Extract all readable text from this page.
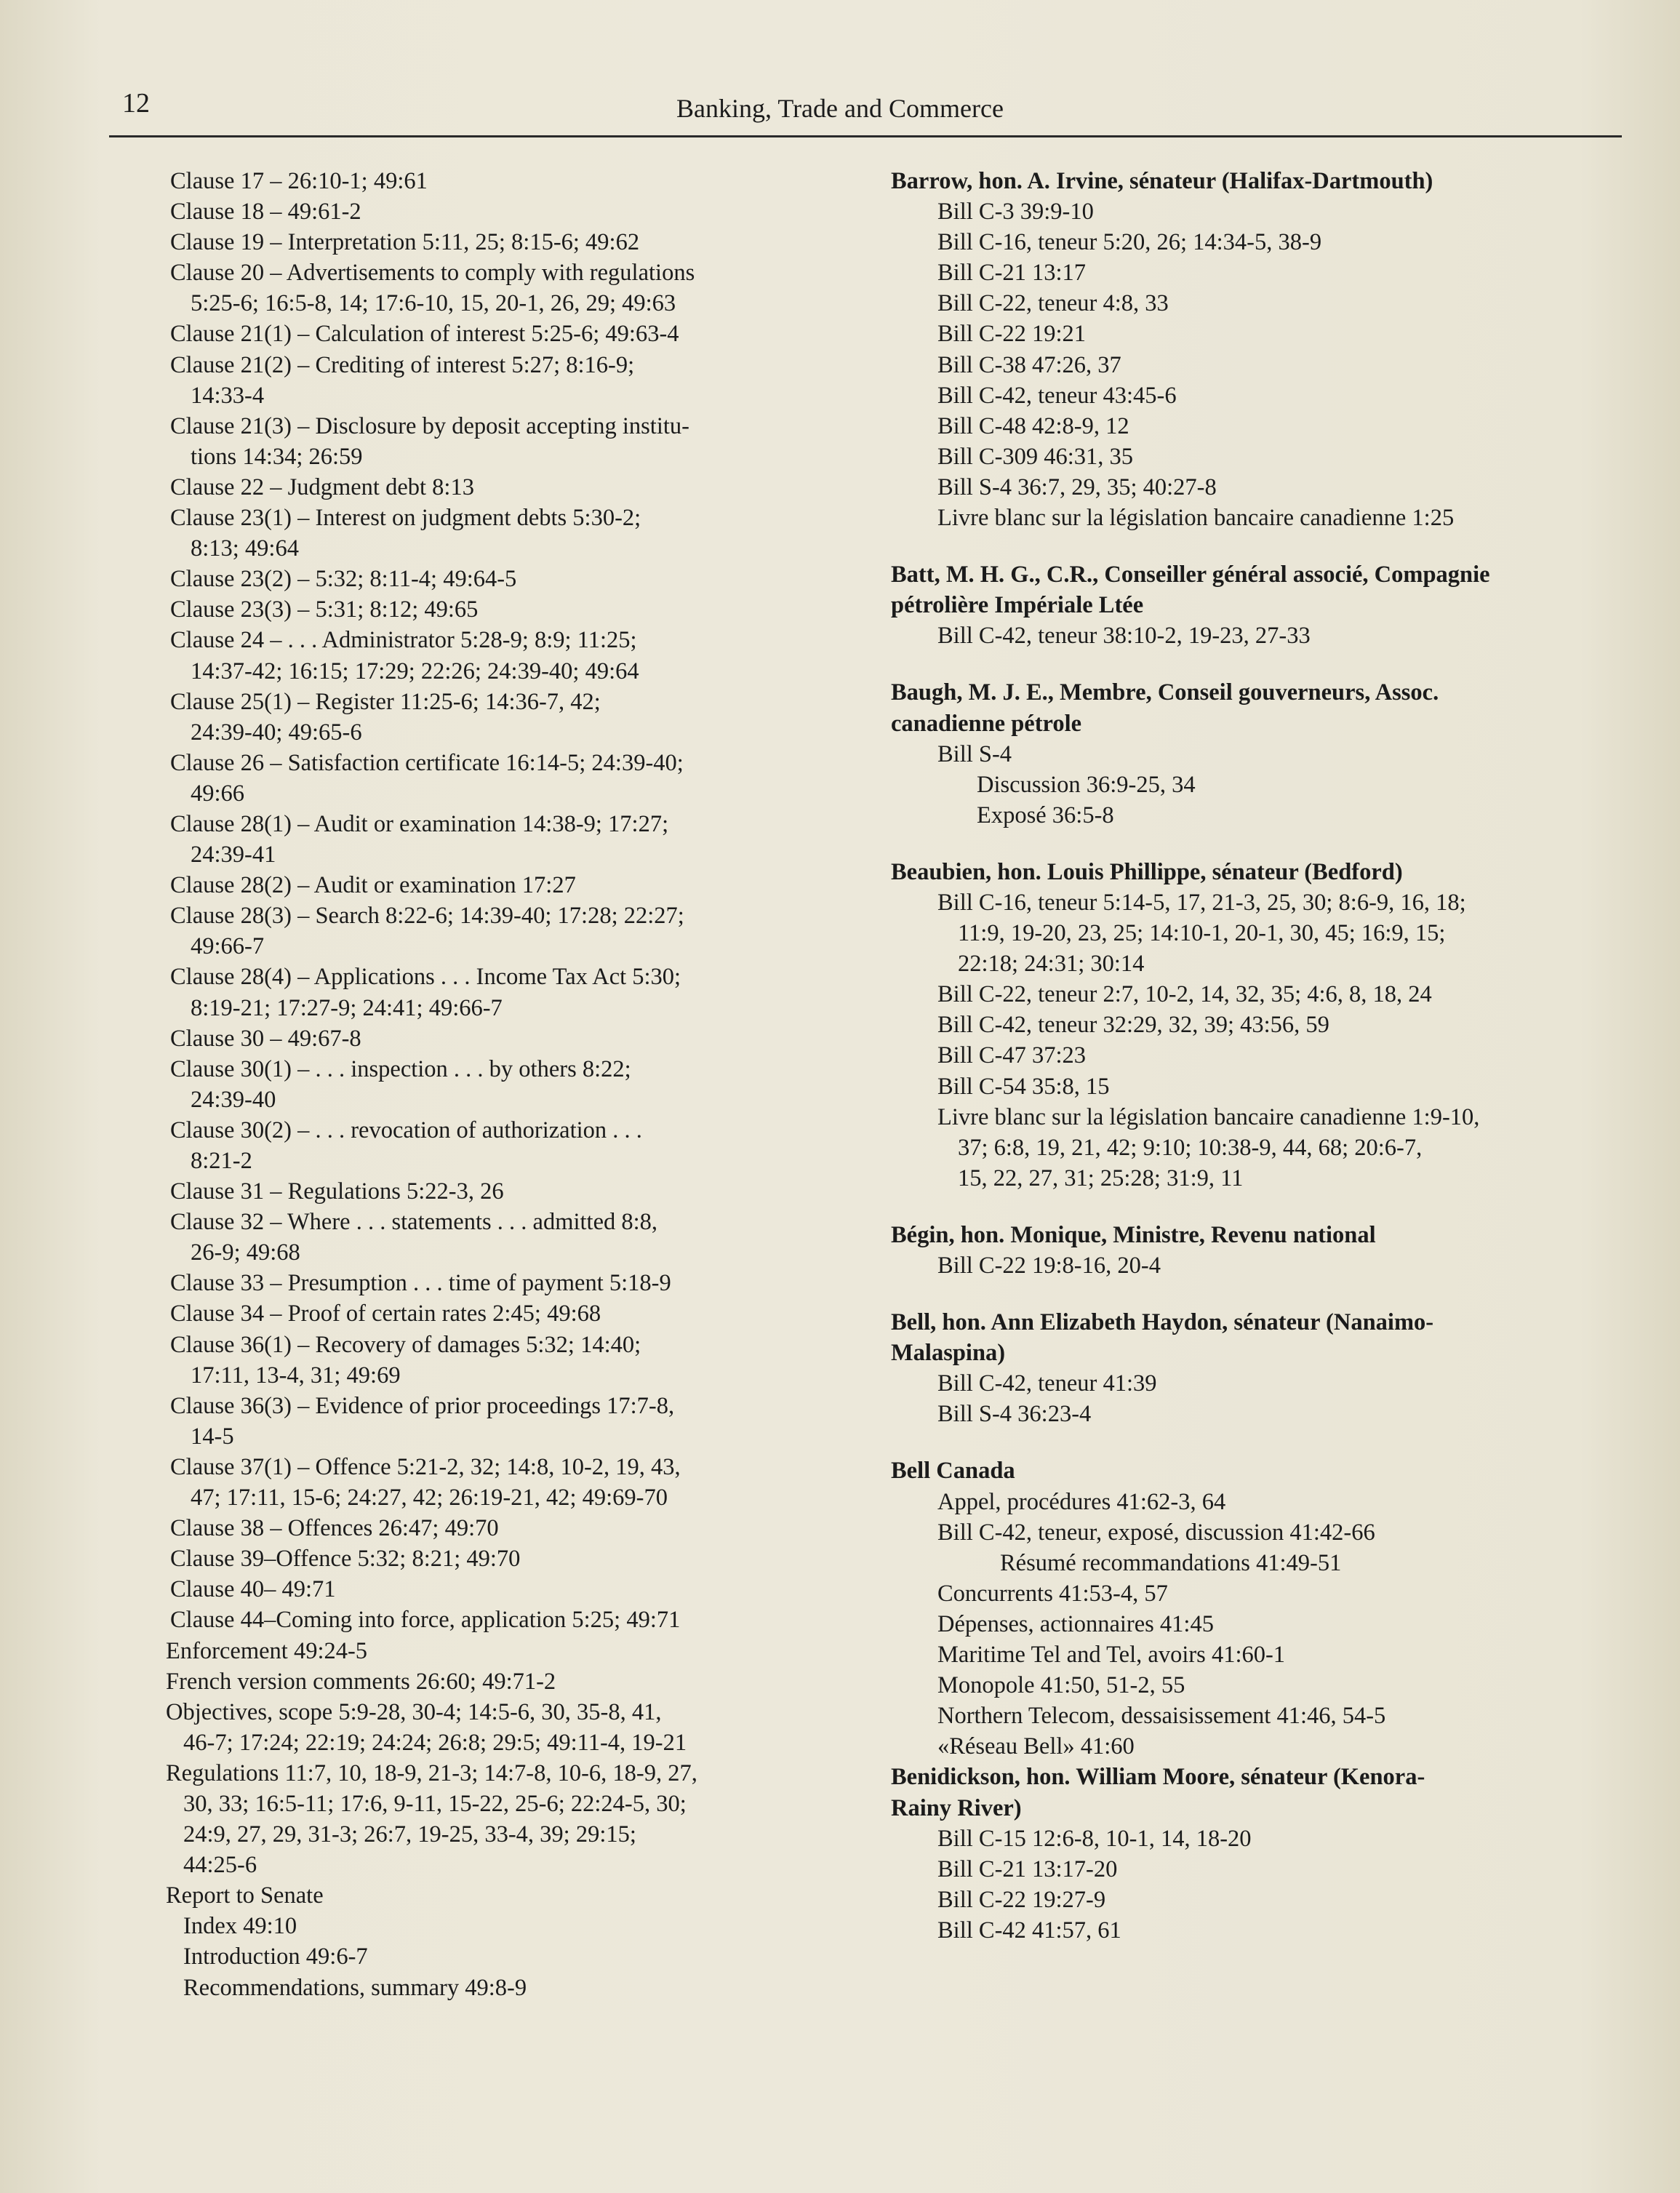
12	Banking, Trade and Commerce
Clause 17 – 26:10-1; 49:61
Clause 18 – 49:61-2
Clause 19 – Interpretation 5:11, 25; 8:15-6; 49:62
Clause 20 – Advertisements to comply with regulations
5:25-6; 16:5-8, 14; 17:6-10, 15, 20-1, 26, 29; 49:63
Clause 21(1) – Calculation of interest 5:25-6; 49:63-4
Clause 21(2) – Crediting of interest 5:27; 8:16-9;
14:33-4
Clause 21(3) – Disclosure by deposit accepting institu-
tions 14:34; 26:59
Clause 22 – Judgment debt 8:13
Clause 23(1) – Interest on judgment debts 5:30-2;
8:13; 49:64
Clause 23(2) – 5:32; 8:11-4; 49:64-5
Clause 23(3) – 5:31; 8:12; 49:65
Clause 24 – . . . Administrator 5:28-9; 8:9; 11:25;
14:37-42; 16:15; 17:29; 22:26; 24:39-40; 49:64
Clause 25(1) – Register 11:25-6; 14:36-7, 42;
24:39-40; 49:65-6
Clause 26 – Satisfaction certificate 16:14-5; 24:39-40;
49:66
Clause 28(1) – Audit or examination 14:38-9; 17:27;
24:39-41
Clause 28(2) – Audit or examination 17:27
Clause 28(3) – Search 8:22-6; 14:39-40; 17:28; 22:27;
49:66-7
Clause 28(4) – Applications . . . Income Tax Act 5:30;
8:19-21; 17:27-9; 24:41; 49:66-7
Clause 30 – 49:67-8
Clause 30(1) – . . . inspection . . . by others 8:22;
24:39-40
Clause 30(2) – . . . revocation of authorization . . .
8:21-2
Clause 31 – Regulations 5:22-3, 26
Clause 32 – Where . . . statements . . . admitted 8:8,
26-9; 49:68
Clause 33 – Presumption . . . time of payment 5:18-9
Clause 34 – Proof of certain rates 2:45; 49:68
Clause 36(1) – Recovery of damages 5:32; 14:40;
17:11, 13-4, 31; 49:69
Clause 36(3) – Evidence of prior proceedings 17:7-8,
14-5
Clause 37(1) – Offence 5:21-2, 32; 14:8, 10-2, 19, 43,
47; 17:11, 15-6; 24:27, 42; 26:19-21, 42; 49:69-70
Clause 38 – Offences 26:47; 49:70
Clause 39–Offence 5:32; 8:21; 49:70
Clause 40– 49:71
Clause 44–Coming into force, application 5:25; 49:71
Enforcement 49:24-5
French version comments 26:60; 49:71-2
Objectives, scope 5:9-28, 30-4; 14:5-6, 30, 35-8, 41,
46-7; 17:24; 22:19; 24:24; 26:8; 29:5; 49:11-4, 19-21
Regulations 11:7, 10, 18-9, 21-3; 14:7-8, 10-6, 18-9, 27,
30, 33; 16:5-11; 17:6, 9-11, 15-22, 25-6; 22:24-5, 30;
24:9, 27, 29, 31-3; 26:7, 19-25, 33-4, 39; 29:15;
44:25-6
Report to Senate
Index 49:10
Introduction 49:6-7
Recommendations, summary 49:8-9
Barrow, hon. A. Irvine, sénateur (Halifax-Dartmouth)
Bill C-3 39:9-10
Bill C-16, teneur 5:20, 26; 14:34-5, 38-9
Bill C-21 13:17
Bill C-22, teneur 4:8, 33
Bill C-22 19:21
Bill C-38 47:26, 37
Bill C-42, teneur 43:45-6
Bill C-48 42:8-9, 12
Bill C-309 46:31, 35
Bill S-4 36:7, 29, 35; 40:27-8
Livre blanc sur la législation bancaire canadienne 1:25
Batt, M. H. G., C.R., Conseiller général associé, Compagnie
pétrolière Impériale Ltée
Bill C-42, teneur 38:10-2, 19-23, 27-33
Baugh, M. J. E., Membre, Conseil gouverneurs, Assoc.
canadienne pétrole
Bill S-4
Discussion 36:9-25, 34
Exposé 36:5-8
Beaubien, hon. Louis Phillippe, sénateur (Bedford)
Bill C-16, teneur 5:14-5, 17, 21-3, 25, 30; 8:6-9, 16, 18;
11:9, 19-20, 23, 25; 14:10-1, 20-1, 30, 45; 16:9, 15;
22:18; 24:31; 30:14
Bill C-22, teneur 2:7, 10-2, 14, 32, 35; 4:6, 8, 18, 24
Bill C-42, teneur 32:29, 32, 39; 43:56, 59
Bill C-47 37:23
Bill C-54 35:8, 15
Livre blanc sur la législation bancaire canadienne 1:9-10,
37; 6:8, 19, 21, 42; 9:10; 10:38-9, 44, 68; 20:6-7,
15, 22, 27, 31; 25:28; 31:9, 11
Bégin, hon. Monique, Ministre, Revenu national
Bill C-22 19:8-16, 20-4
Bell, hon. Ann Elizabeth Haydon, sénateur (Nanaimo-
Malaspina)
Bill C-42, teneur 41:39
Bill S-4 36:23-4
Bell Canada
Appel, procédures 41:62-3, 64
Bill C-42, teneur, exposé, discussion 41:42-66
Résumé recommandations 41:49-51
Concurrents 41:53-4, 57
Dépenses, actionnaires 41:45
Maritime Tel and Tel, avoirs 41:60-1
Monopole 41:50, 51-2, 55
Northern Telecom, dessaisissement 41:46, 54-5
«Réseau Bell» 41:60
Benidickson, hon. William Moore, sénateur (Kenora-
Rainy River)
Bill C-15 12:6-8, 10-1, 14, 18-20
Bill C-21 13:17-20
Bill C-22 19:27-9
Bill C-42 41:57, 61
